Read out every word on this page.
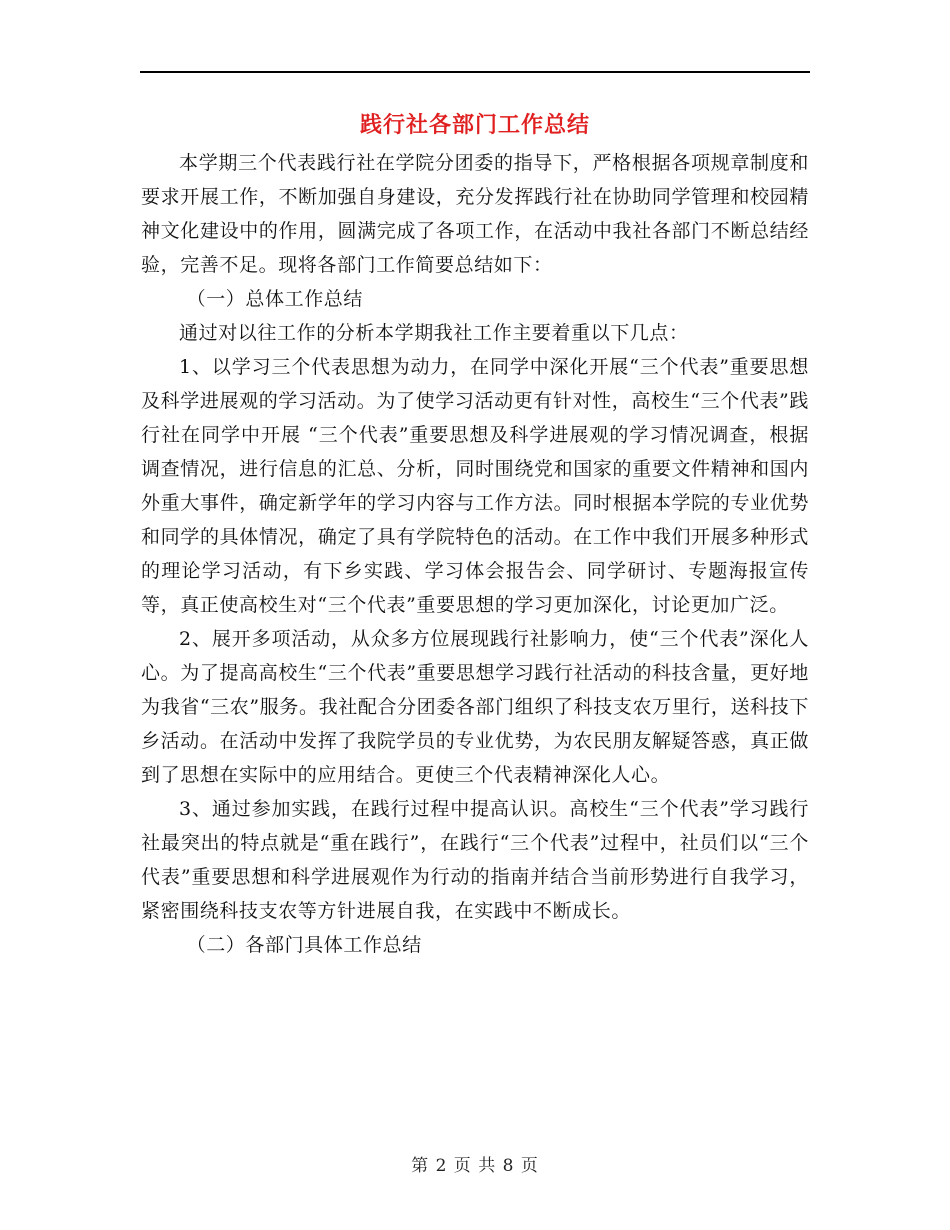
践行社各部门工作总结

本学期三个代表践行社在学院分团委的指导下，严格根据各项规章制度和要求开展工作，不断加强自身建设，充分发挥践行社在协助同学管理和校园精神文化建设中的作用，圆满完成了各项工作，在活动中我社各部门不断总结经验，完善不足。现将各部门工作简要总结如下：

（一）总体工作总结

通过对以往工作的分析本学期我社工作主要着重以下几点：

1、以学习三个代表思想为动力，在同学中深化开展“三个代表”重要思想及科学进展观的学习活动。为了使学习活动更有针对性，高校生“三个代表”践行社在同学中开展 “三个代表”重要思想及科学进展观的学习情况调查，根据调查情况，进行信息的汇总、分析，同时围绕党和国家的重要文件精神和国内外重大事件，确定新学年的学习内容与工作方法。同时根据本学院的专业优势和同学的具体情况，确定了具有学院特色的活动。在工作中我们开展多种形式的理论学习活动，有下乡实践、学习体会报告会、同学研讨、专题海报宣传等，真正使高校生对“三个代表”重要思想的学习更加深化，讨论更加广泛。

2、展开多项活动，从众多方位展现践行社影响力，使“三个代表”深化人心。为了提高高校生“三个代表”重要思想学习践行社活动的科技含量，更好地为我省“三农”服务。我社配合分团委各部门组织了科技支农万里行，送科技下乡活动。在活动中发挥了我院学员的专业优势，为农民朋友解疑答惑，真正做到了思想在实际中的应用结合。更使三个代表精神深化人心。

3、通过参加实践，在践行过程中提高认识。高校生“三个代表”学习践行社最突出的特点就是“重在践行”，在践行“三个代表”过程中，社员们以“三个代表”重要思想和科学进展观作为行动的指南并结合当前形势进行自我学习，紧密围绕科技支农等方针进展自我，在实践中不断成长。

（二）各部门具体工作总结

第 2 页 共 8 页
